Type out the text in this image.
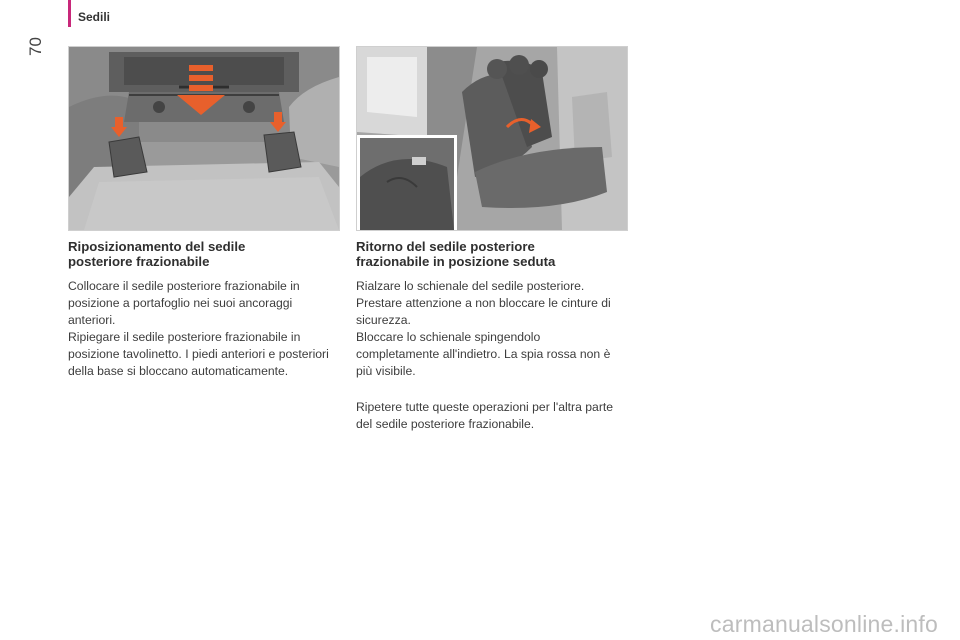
Sedili
70
Riposizionamento del sedile
posteriore frazionabile

Collocare il sedile posteriore frazionabile in posizione a portafoglio nei suoi ancoraggi anteriori.

Ripiegare il sedile posteriore frazionabile in posizione tavolinetto. I piedi anteriori e posteriori della base si bloccano automaticamente.

Ritorno del sedile posteriore
frazionabile in posizione seduta

Rialzare lo schienale del sedile posteriore. Prestare attenzione a non bloccare le cinture di sicurezza.

Bloccare lo schienale spingendolo completamente all'indietro. La spia rossa non è più visibile.

Ripetere tutte queste operazioni per l'altra parte del sedile posteriore frazionabile.

carmanualsonline.info
